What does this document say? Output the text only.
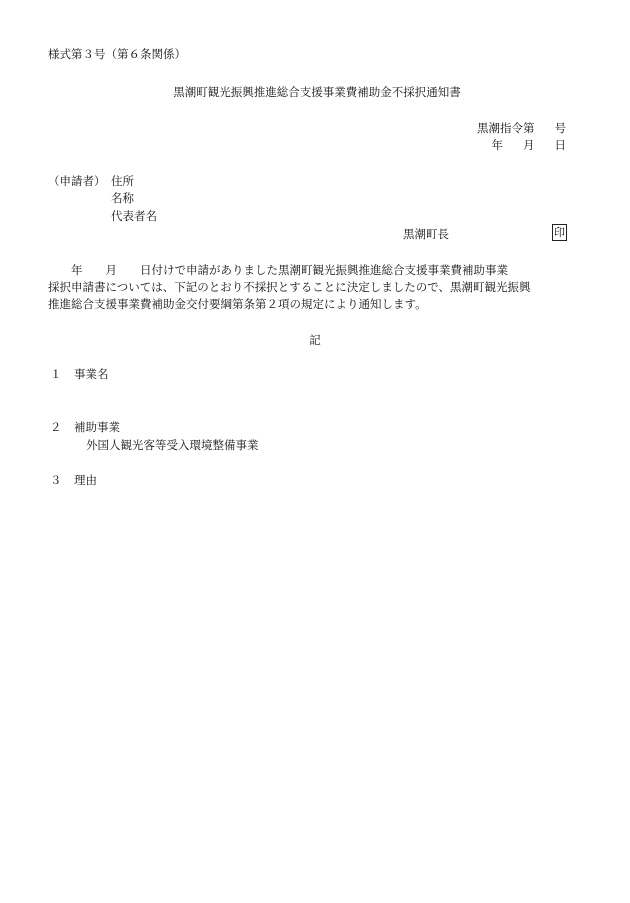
様式第３号（第６条関係）
黒潮町観光振興推進総合支援事業費補助金不採択通知書
黒潮指令第 号
年 月 日
（申請者） 住所
名称
代表者名
黒潮町長	印
　　年　　月　　日付けで申請がありました黒潮町観光振興推進総合支援事業費補助事業
採択申請書については、下記のとおり不採択とすることに決定しましたので、黒潮町観光振興
推進総合支援事業費補助金交付要綱第条第２項の規定により通知します。
記
１ 事業名
２ 補助事業
外国人観光客等受入環境整備事業
３ 理由
